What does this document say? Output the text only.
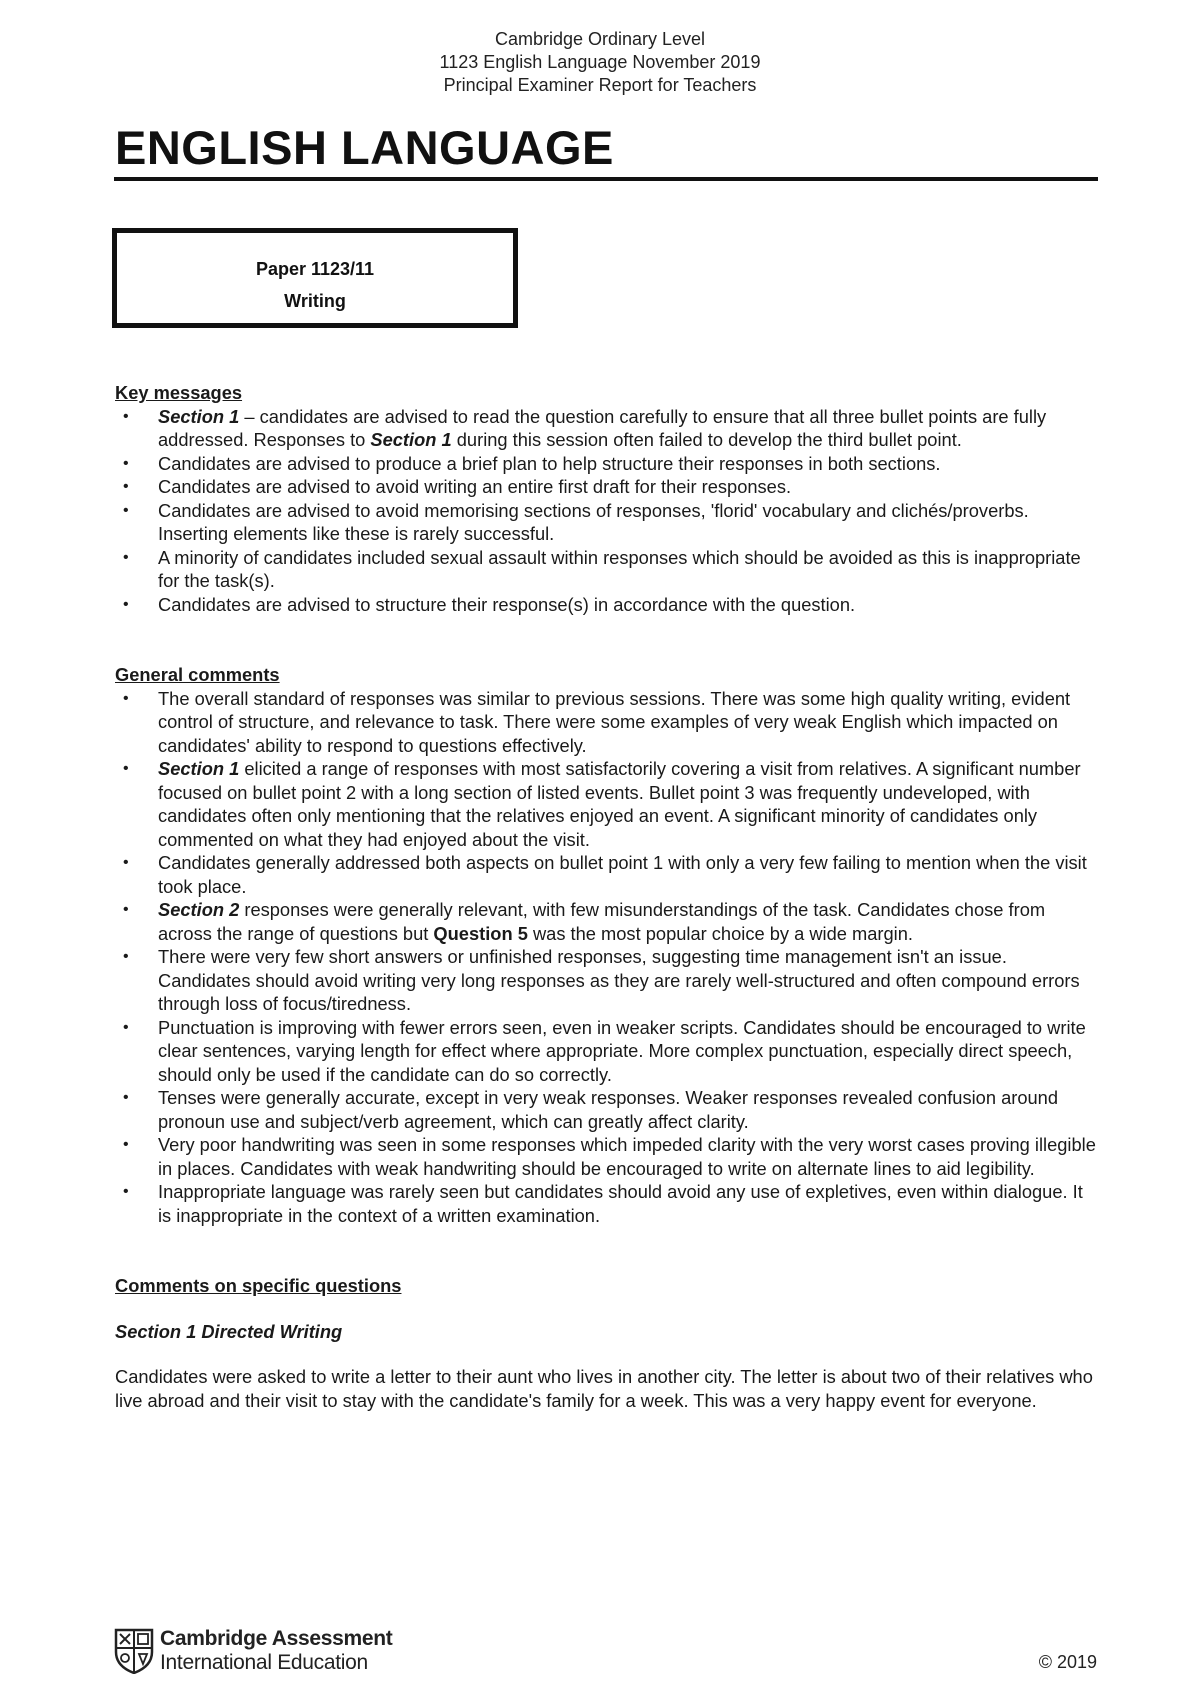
Cambridge Ordinary Level
1123 English Language November 2019
Principal Examiner Report for Teachers
ENGLISH LANGUAGE
Paper 1123/11
Writing
Key messages
• Section 1 – candidates are advised to read the question carefully to ensure that all three bullet points are fully addressed. Responses to Section 1 during this session often failed to develop the third bullet point.
• Candidates are advised to produce a brief plan to help structure their responses in both sections.
• Candidates are advised to avoid writing an entire first draft for their responses.
• Candidates are advised to avoid memorising sections of responses, 'florid' vocabulary and clichés/proverbs. Inserting elements like these is rarely successful.
• A minority of candidates included sexual assault within responses which should be avoided as this is inappropriate for the task(s).
• Candidates are advised to structure their response(s) in accordance with the question.
General comments
• The overall standard of responses was similar to previous sessions. There was some high quality writing, evident control of structure, and relevance to task. There were some examples of very weak English which impacted on candidates' ability to respond to questions effectively.
• Section 1 elicited a range of responses with most satisfactorily covering a visit from relatives. A significant number focused on bullet point 2 with a long section of listed events. Bullet point 3 was frequently undeveloped, with candidates often only mentioning that the relatives enjoyed an event. A significant minority of candidates only commented on what they had enjoyed about the visit.
• Candidates generally addressed both aspects on bullet point 1 with only a very few failing to mention when the visit took place.
• Section 2 responses were generally relevant, with few misunderstandings of the task. Candidates chose from across the range of questions but Question 5 was the most popular choice by a wide margin.
• There were very few short answers or unfinished responses, suggesting time management isn't an issue. Candidates should avoid writing very long responses as they are rarely well-structured and often compound errors through loss of focus/tiredness.
• Punctuation is improving with fewer errors seen, even in weaker scripts. Candidates should be encouraged to write clear sentences, varying length for effect where appropriate. More complex punctuation, especially direct speech, should only be used if the candidate can do so correctly.
• Tenses were generally accurate, except in very weak responses. Weaker responses revealed confusion around pronoun use and subject/verb agreement, which can greatly affect clarity.
• Very poor handwriting was seen in some responses which impeded clarity with the very worst cases proving illegible in places. Candidates with weak handwriting should be encouraged to write on alternate lines to aid legibility.
• Inappropriate language was rarely seen but candidates should avoid any use of expletives, even within dialogue. It is inappropriate in the context of a written examination.
Comments on specific questions
Section 1 Directed Writing

Candidates were asked to write a letter to their aunt who lives in another city. The letter is about two of their relatives who live abroad and their visit to stay with the candidate's family for a week. This was a very happy event for everyone.

Cambridge Assessment
International Education	© 2019
